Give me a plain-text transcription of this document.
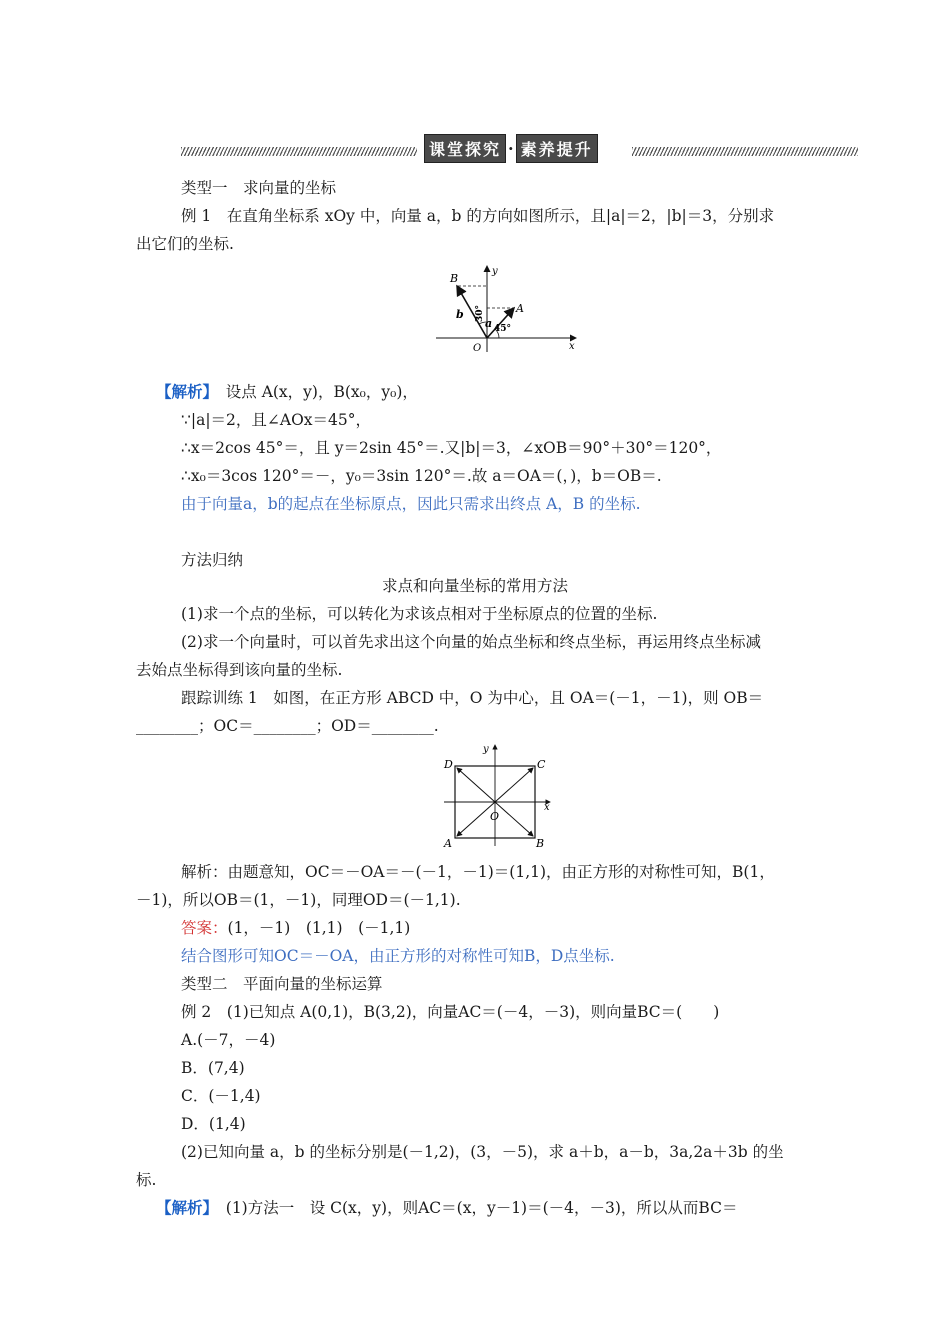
课堂探究 · 素养提升
类型一　求向量的坐标
例 1　在直角坐标系 xOy 中，向量 a，b 的方向如图所示，且|a|＝2，|b|＝3，分别求
出它们的坐标.
B
y
A
a
b 30°
45°
O	x
【解析】　设点 A(x，y)，B(x₀，y₀)，
∵|a|＝2，且∠AOx＝45°，
∴x＝2cos 45°＝，且 y＝2sin 45°＝.又|b|＝3，∠xOB＝90°＋30°＝120°，
∴x₀＝3cos 120°＝－，y₀＝3sin 120°＝.故 a＝OA＝(，)，b＝OB＝.
由于向量a，b的起点在坐标原点，因此只需求出终点 A，B 的坐标.
方法归纳
求点和向量坐标的常用方法
(1)求一个点的坐标，可以转化为求该点相对于坐标原点的位置的坐标.
(2)求一个向量时，可以首先求出这个向量的始点坐标和终点坐标，再运用终点坐标减
去始点坐标得到该向量的坐标.
跟踪训练 1　如图，在正方形 ABCD 中，O 为中心，且 OA＝(－1，－1)，则 OB＝
________；OC＝________；OD＝________.
D	C
A	B
O
x
y
解析：由题意知，OC＝－OA＝－(－1，－1)＝(1,1)，由正方形的对称性可知，B(1，
－1)，所以OB＝(1，－1)，同理OD＝(－1,1).
答案：(1，－1)　(1,1)　(－1,1)
结合图形可知OC＝－OA，由正方形的对称性可知B，D点坐标.
类型二　平面向量的坐标运算
例 2　(1)已知点 A(0,1)，B(3,2)，向量AC＝(－4，－3)，则向量BC＝(　　)
A.(－7，－4)
B．(7,4)
C．(－1,4)
D．(1,4)
(2)已知向量 a，b 的坐标分别是(－1,2)，(3，－5)，求 a＋b，a－b，3a,2a＋3b 的坐
标.
【解析】　(1)方法一　设 C(x，y)，则AC＝(x，y－1)＝(－4，－3)，所以从而BC＝
